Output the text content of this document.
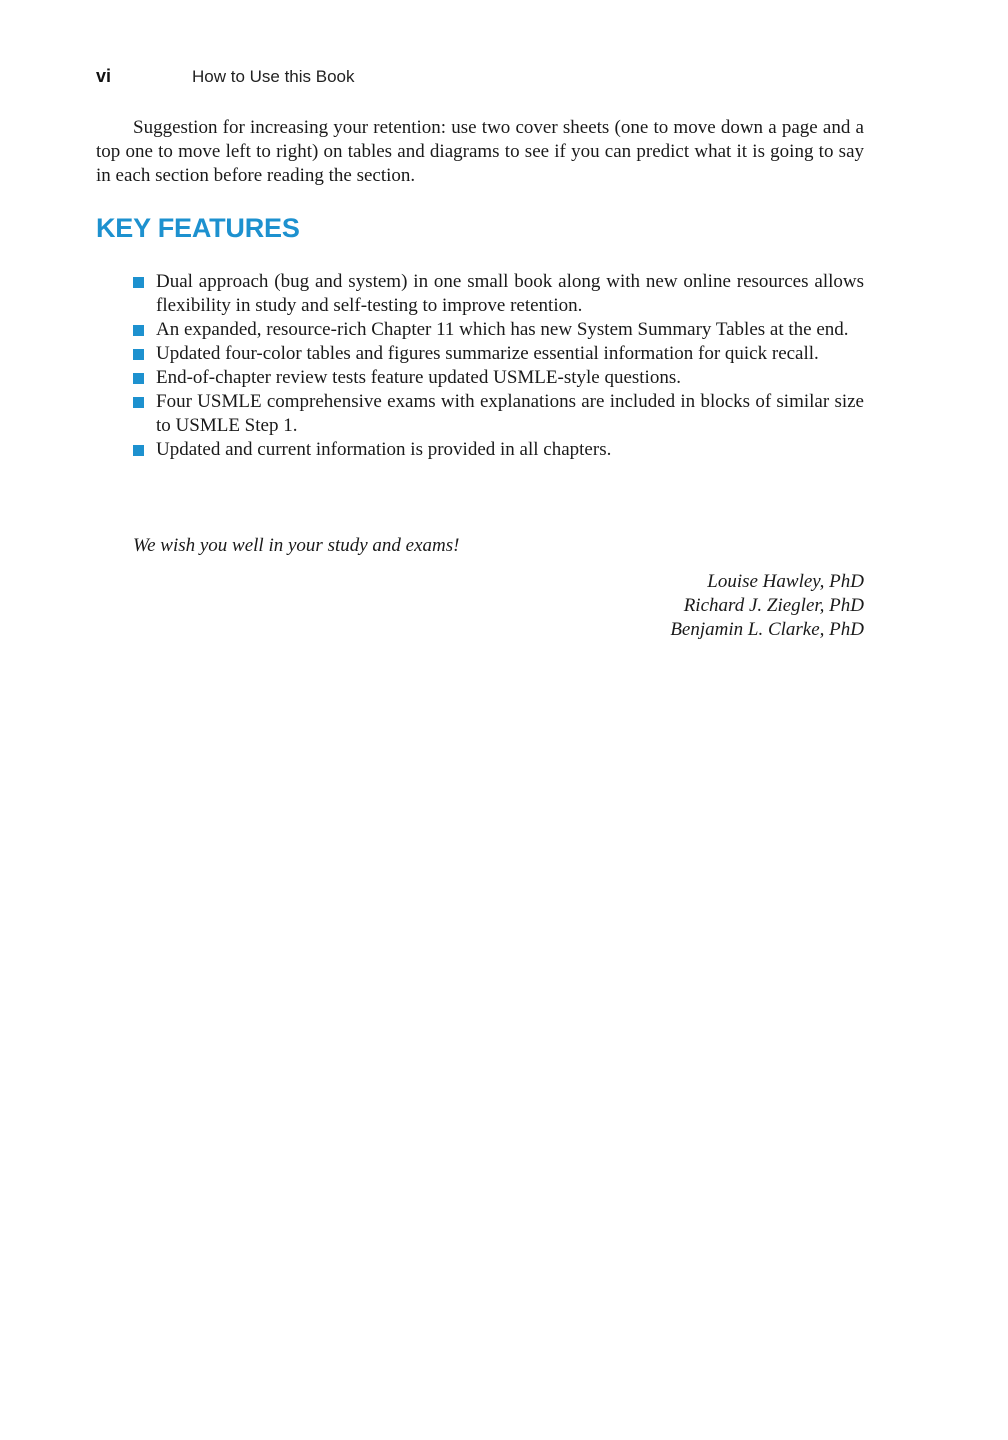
vi	How to Use this Book

Suggestion for increasing your retention: use two cover sheets (one to move down a page and a top one to move left to right) on tables and diagrams to see if you can predict what it is going to say in each section before reading the section.

KEY FEATURES
Dual approach (bug and system) in one small book along with new online resources allows flexibility in study and self-testing to improve retention.
An expanded, resource-rich Chapter 11 which has new System Summary Tables at the end.
Updated four-color tables and figures summarize essential information for quick recall.
End-of-chapter review tests feature updated USMLE-style questions.
Four USMLE comprehensive exams with explanations are included in blocks of similar size to USMLE Step 1.
Updated and current information is provided in all chapters.

We wish you well in your study and exams!

Louise Hawley, PhD
Richard J. Ziegler, PhD
Benjamin L. Clarke, PhD
